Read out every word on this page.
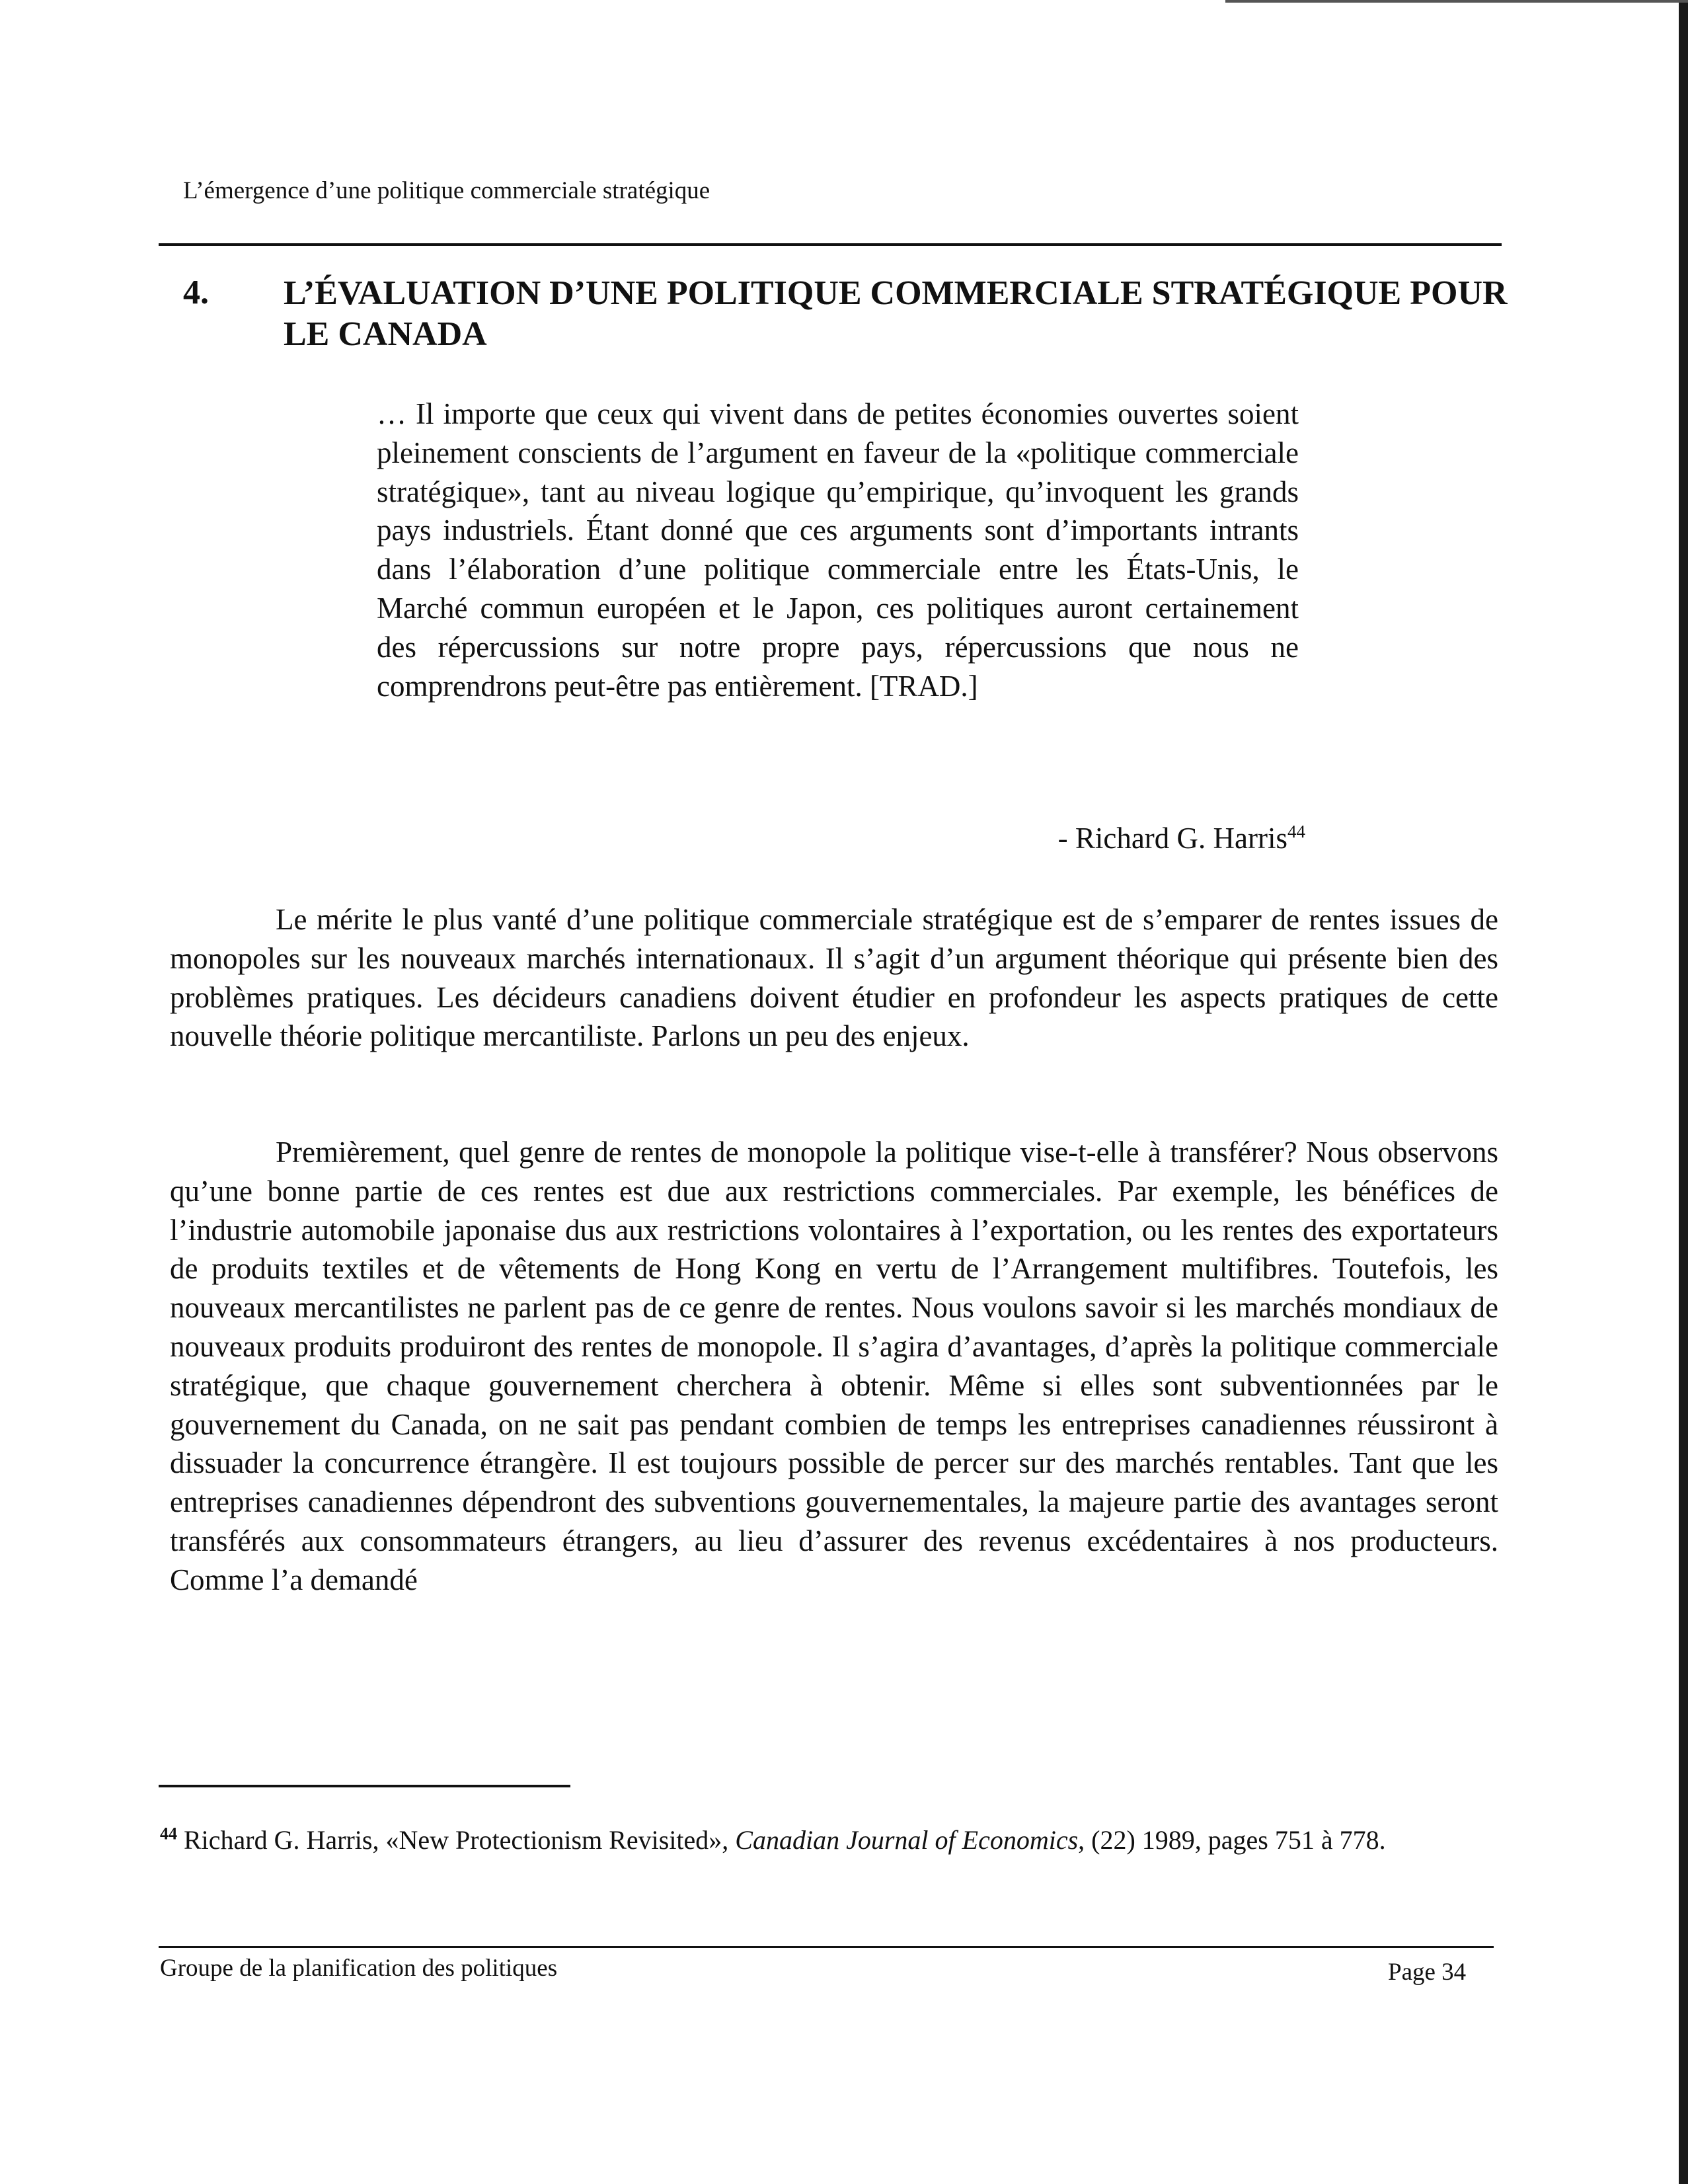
L’émergence d’une politique commerciale stratégique
4. L’ÉVALUATION D’UNE POLITIQUE COMMERCIALE STRATÉGIQUE POUR LE CANADA
… Il importe que ceux qui vivent dans de petites économies ouvertes soient pleinement conscients de l’argument en faveur de la «politique commerciale stratégique», tant au niveau logique qu’empirique, qu’invoquent les grands pays industriels. Étant donné que ces arguments sont d’importants intrants dans l’élaboration d’une politique commerciale entre les États-Unis, le Marché commun européen et le Japon, ces politiques auront certainement des répercussions sur notre propre pays, répercussions que nous ne comprendrons peut-être pas entièrement. [TRAD.]
- Richard G. Harris$^{44}$
Le mérite le plus vanté d’une politique commerciale stratégique est de s’emparer de rentes issues de monopoles sur les nouveaux marchés internationaux. Il s’agit d’un argument théorique qui présente bien des problèmes pratiques. Les décideurs canadiens doivent étudier en profondeur les aspects pratiques de cette nouvelle théorie politique mercantiliste. Parlons un peu des enjeux.
Premièrement, quel genre de rentes de monopole la politique vise-t-elle à transférer? Nous observons qu’une bonne partie de ces rentes est due aux restrictions commerciales. Par exemple, les bénéfices de l’industrie automobile japonaise dus aux restrictions volontaires à l’exportation, ou les rentes des exportateurs de produits textiles et de vêtements de Hong Kong en vertu de l’Arrangement multifibres. Toutefois, les nouveaux mercantilistes ne parlent pas de ce genre de rentes. Nous voulons savoir si les marchés mondiaux de nouveaux produits produiront des rentes de monopole. Il s’agira d’avantages, d’après la politique commerciale stratégique, que chaque gouvernement cherchera à obtenir. Même si elles sont subventionnées par le gouvernement du Canada, on ne sait pas pendant combien de temps les entreprises canadiennes réussiront à dissuader la concurrence étrangère. Il est toujours possible de percer sur des marchés rentables. Tant que les entreprises canadiennes dépendront des subventions gouvernementales, la majeure partie des avantages seront transférés aux consommateurs étrangers, au lieu d’assurer des revenus excédentaires à nos producteurs. Comme l’a demandé
$^{44}$ Richard G. Harris, «New Protectionism Revisited», Canadian Journal of Economics, (22) 1989, pages 751 à 778.
Groupe de la planification des politiques	Page 34
